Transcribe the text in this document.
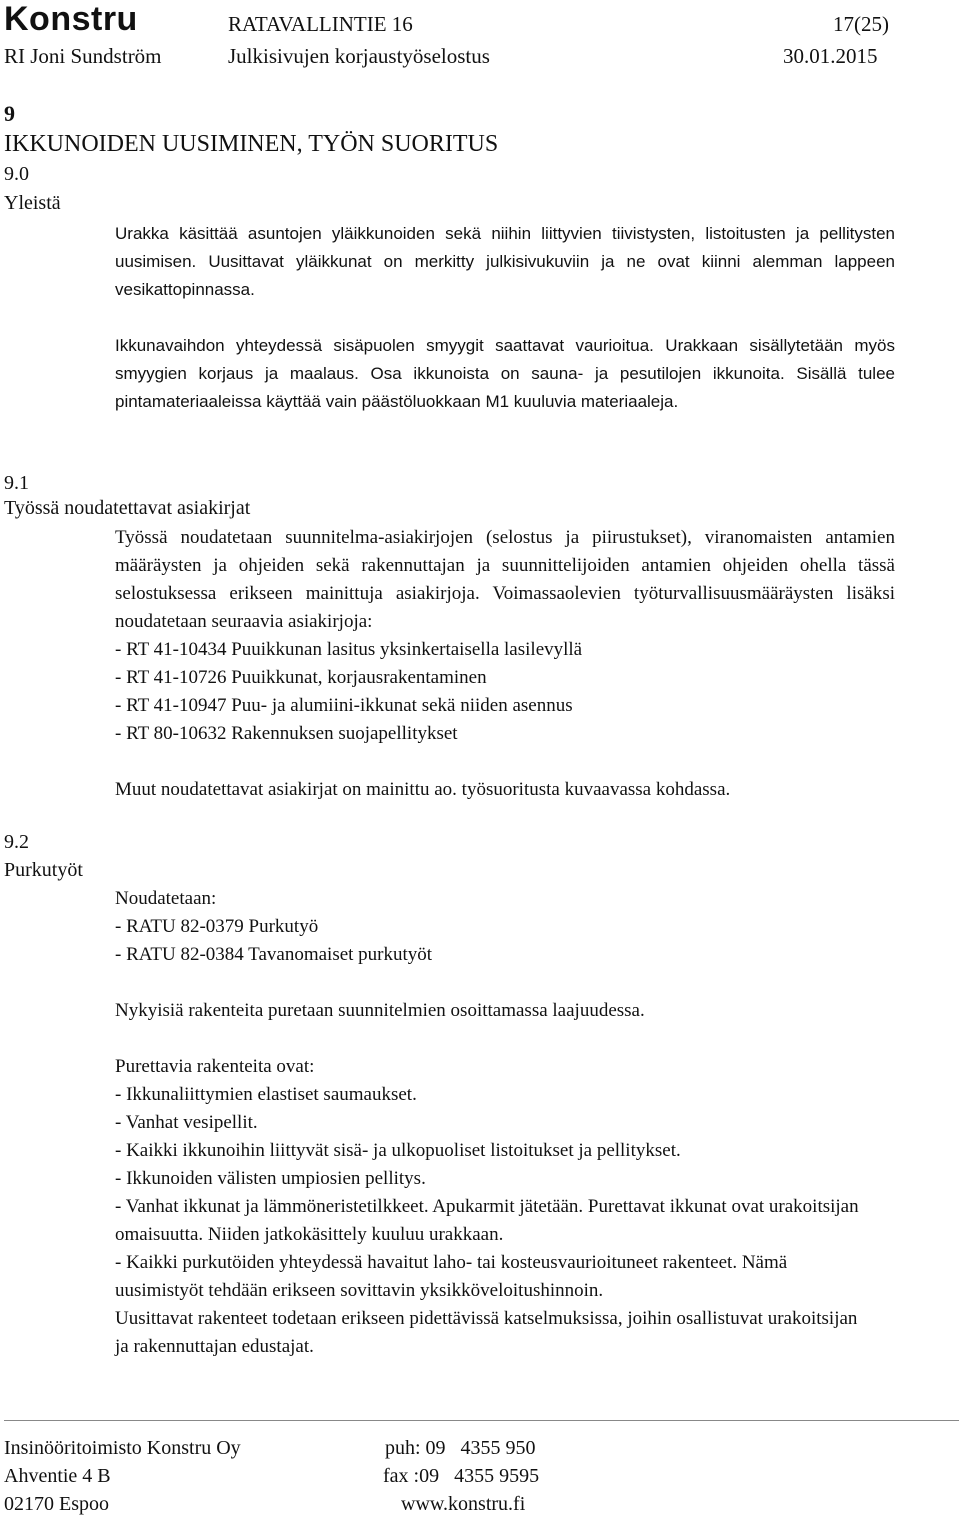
Konstru	RATAVALLINTIE 16	17(25)
RI Joni Sundström	Julkisivujen korjaustyöselostus	30.01.2015
9
IKKUNOIDEN UUSIMINEN, TYÖN SUORITUS
9.0
Yleistä

Urakka käsittää asuntojen yläikkunoiden sekä niihin liittyvien tiivistysten, listoitusten ja pellitysten uusimisen. Uusittavat yläikkunat on merkitty julkisivukuviin ja ne ovat kiinni alemman lappeen vesikattopinnassa.

Ikkunavaihdon yhteydessä sisäpuolen smyygit saattavat vaurioitua. Urakkaan sisällytetään myös smyygien korjaus ja maalaus. Osa ikkunoista on sauna- ja pesutilojen ikkunoita. Sisällä tulee pintamateriaaleissa käyttää vain päästöluokkaan M1 kuuluvia materiaaleja.

9.1
Työssä noudatettavat asiakirjat

Työssä noudatetaan suunnitelma-asiakirjojen (selostus ja piirustukset), viranomaisten antamien määräysten ja ohjeiden sekä rakennuttajan ja suunnittelijoiden antamien ohjeiden ohella tässä selostuksessa erikseen mainittuja asiakirjoja. Voimassaolevien työturvallisuusmääräysten lisäksi noudatetaan seuraavia asiakirjoja:

- RT 41-10434 Puuikkunan lasitus yksinkertaisella lasilevyllä

- RT 41-10726 Puuikkunat, korjausrakentaminen

- RT 41-10947 Puu- ja alumiini-ikkunat sekä niiden asennus

- RT 80-10632 Rakennuksen suojapellitykset

Muut noudatettavat asiakirjat on mainittu ao. työsuoritusta kuvaavassa kohdassa.

9.2
Purkutyöt

Noudatetaan:

- RATU 82-0379 Purkutyö

- RATU 82-0384 Tavanomaiset purkutyöt

Nykyisiä rakenteita puretaan suunnitelmien osoittamassa laajuudessa.

Purettavia rakenteita ovat:

- Ikkunaliittymien elastiset saumaukset.

- Vanhat vesipellit.

- Kaikki ikkunoihin liittyvät sisä- ja ulkopuoliset listoitukset ja pellitykset.

- Ikkunoiden välisten umpiosien pellitys.

- Vanhat ikkunat ja lämmöneristetilkkeet. Apukarmit jätetään. Purettavat ikkunat ovat urakoitsijan omaisuutta. Niiden jatkokäsittely kuuluu urakkaan.

- Kaikki purkutöiden yhteydessä havaitut laho- tai kosteusvaurioituneet rakenteet. Nämä uusimistyöt tehdään erikseen sovittavin yksikköveloitushinnoin.

Uusittavat rakenteet todetaan erikseen pidettävissä katselmuksissa, joihin osallistuvat urakoitsijan ja rakennuttajan edustajat.

Insinööritoimisto Konstru Oy
Ahventie 4 B
02170 Espoo
puh: 09   4355 950
fax :09   4355 9595
www.konstru.fi
